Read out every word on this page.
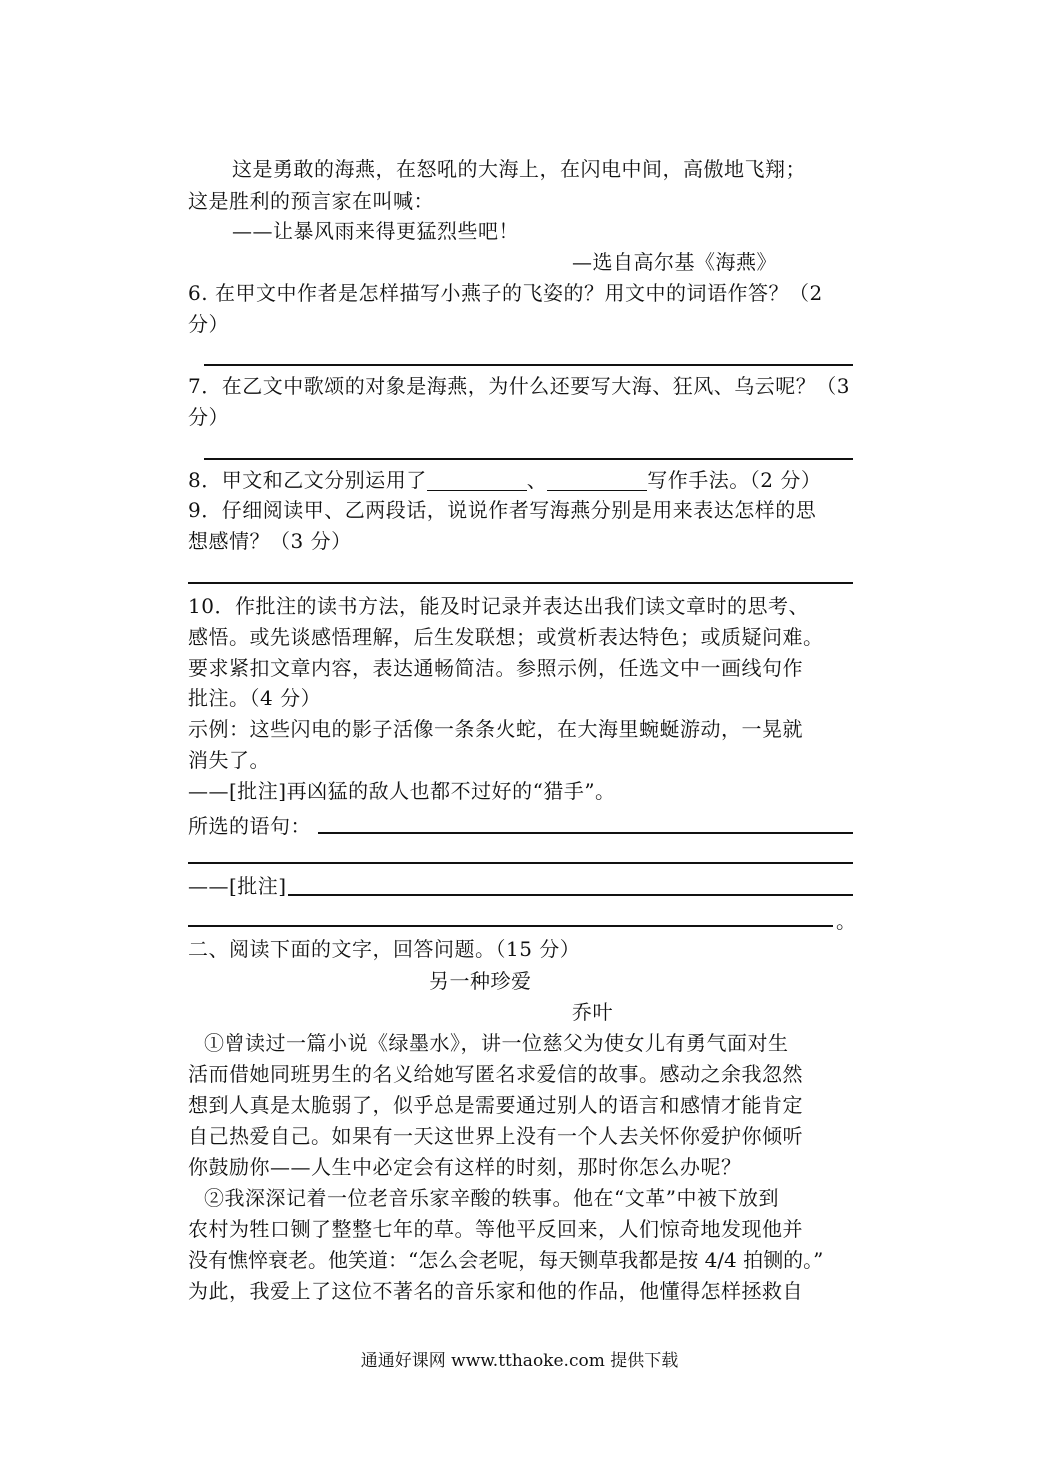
这是勇敢的海燕，在怒吼的大海上，在闪电中间，高傲地飞翔；
这是胜利的预言家在叫喊：
——让暴风雨来得更猛烈些吧！
—选自高尔基《海燕》
6. 在甲文中作者是怎样描写小燕子的飞姿的？用文中的词语作答？（2
分）
7．在乙文中歌颂的对象是海燕，为什么还要写大海、狂风、乌云呢？（3
分）
8．甲文和乙文分别运用了	、	写作手法。（2 分）
9．仔细阅读甲、乙两段话，说说作者写海燕分别是用来表达怎样的思
想感情？（3 分）
10．作批注的读书方法，能及时记录并表达出我们读文章时的思考、
感悟。或先谈感悟理解，后生发联想；或赏析表达特色；或质疑问难。
要求紧扣文章内容，表达通畅简洁。参照示例，任选文中一画线句作
批注。（4 分）
示例：这些闪电的影子活像一条条火蛇，在大海里蜿蜒游动，一晃就
消失了。
——[批注]再凶猛的敌人也都不过好的“猎手”。
所选的语句：
——[批注]
。
二、阅读下面的文字，回答问题。（15 分）
另一种珍爱
乔叶
①曾读过一篇小说《绿墨水》，讲一位慈父为使女儿有勇气面对生
活而借她同班男生的名义给她写匿名求爱信的故事。感动之余我忽然
想到人真是太脆弱了，似乎总是需要通过别人的语言和感情才能肯定
自己热爱自己。如果有一天这世界上没有一个人去关怀你爱护你倾听
你鼓励你——人生中必定会有这样的时刻，那时你怎么办呢？
②我深深记着一位老音乐家辛酸的轶事。他在“文革”中被下放到
农村为牲口铡了整整七年的草。等他平反回来，人们惊奇地发现他并
没有憔悴衰老。他笑道：“怎么会老呢，每天铡草我都是按 4/4 拍铡的。”
为此，我爱上了这位不著名的音乐家和他的作品，他懂得怎样拯救自
通通好课网 www.tthaoke.com 提供下载
